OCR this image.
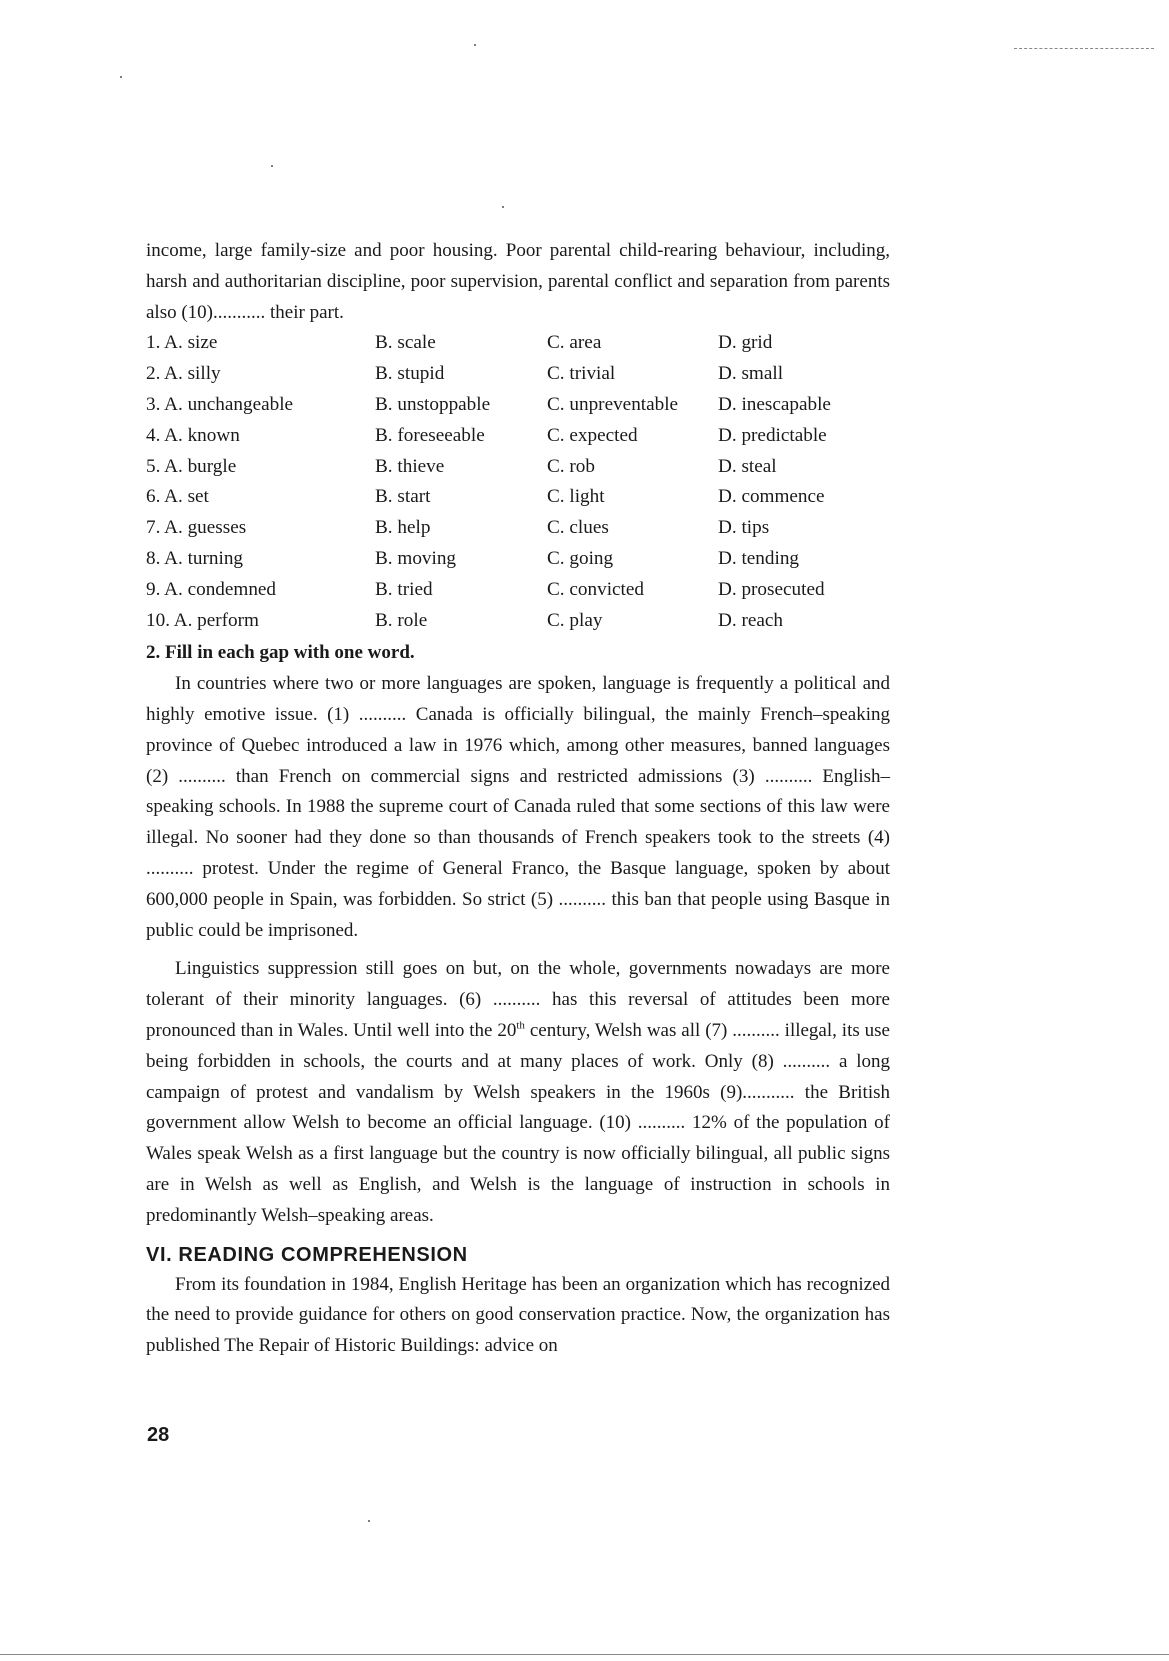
income, large family-size and poor housing. Poor parental child-rearing behaviour, including, harsh and authoritarian discipline, poor supervision, parental conflict and separation from parents also (10)........... their part.

1. A. size	B. scale	C. area	D. grid
2. A. silly	B. stupid	C. trivial	D. small
3. A. unchangeable	B. unstoppable	C. unpreventable	D. inescapable
4. A. known	B. foreseeable	C. expected	D. predictable
5. A. burgle	B. thieve	C. rob	D. steal
6. A. set	B. start	C. light	D. commence
7. A. guesses	B. help	C. clues	D. tips
8. A. turning	B. moving	C. going	D. tending
9. A. condemned	B. tried	C. convicted	D. prosecuted
10. A. perform	B. role	C. play	D. reach
2. Fill in each gap with one word.

In countries where two or more languages are spoken, language is frequently a political and highly emotive issue. (1) .......... Canada is officially bilingual, the mainly French–speaking province of Quebec introduced a law in 1976 which, among other measures, banned languages (2) .......... than French on commercial signs and restricted admissions (3) .......... English–speaking schools. In 1988 the supreme court of Canada ruled that some sections of this law were illegal. No sooner had they done so than thousands of French speakers took to the streets (4) .......... protest. Under the regime of General Franco, the Basque language, spoken by about 600,000 people in Spain, was forbidden. So strict (5) .......... this ban that people using Basque in public could be imprisoned.

Linguistics suppression still goes on but, on the whole, governments nowadays are more tolerant of their minority languages. (6) .......... has this reversal of attitudes been more pronounced than in Wales. Until well into the 20th century, Welsh was all (7) .......... illegal, its use being forbidden in schools, the courts and at many places of work. Only (8) .......... a long campaign of protest and vandalism by Welsh speakers in the 1960s (9)........... the British government allow Welsh to become an official language. (10) .......... 12% of the population of Wales speak Welsh as a first language but the country is now officially bilingual, all public signs are in Welsh as well as English, and Welsh is the language of instruction in schools in predominantly Welsh–speaking areas.

VI. READING COMPREHENSION

From its foundation in 1984, English Heritage has been an organization which has recognized the need to provide guidance for others on good conservation practice. Now, the organization has published The Repair of Historic Buildings: advice on

28
